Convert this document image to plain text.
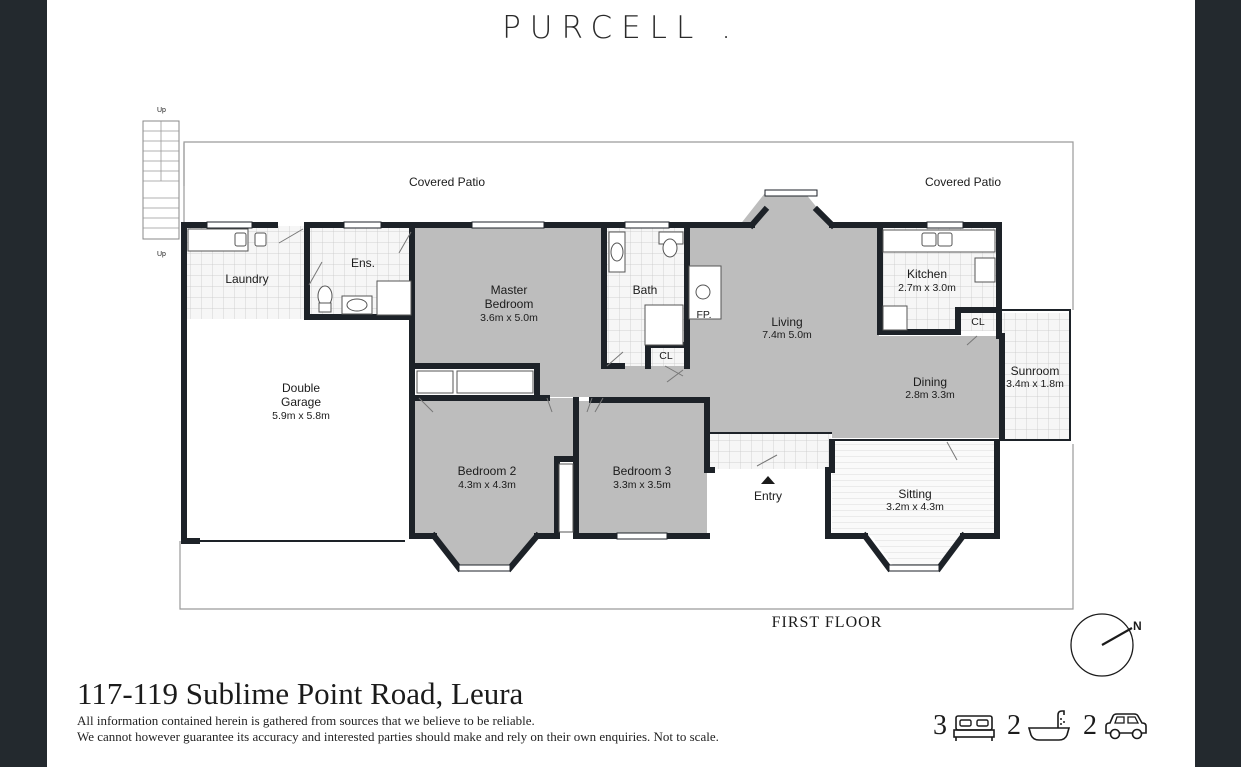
PURCELL .
Up
Up
Covered Patio	Covered Patio
Laundry
Ens.
Master
Bedroom
3.6m x 5.0m
Bath
FP.	Living
7.4m 5.0m
Kitchen
2.7m x 3.0m
CL
CL
Sunroom
3.4m x 1.8m
Dining
2.8m 3.3m
Double
Garage
5.9m x 5.8m
Bedroom 2
4.3m x 4.3m
Bedroom 3
3.3m x 3.5m
Entry	Sitting
3.2m x 4.3m
N
FIRST FLOOR
117-119 Sublime Point Road, Leura
All information contained herein is gathered from sources that we believe to be reliable.
We cannot however guarantee its accuracy and interested parties should make and rely on their own enquiries. Not to scale.	3 2 2
